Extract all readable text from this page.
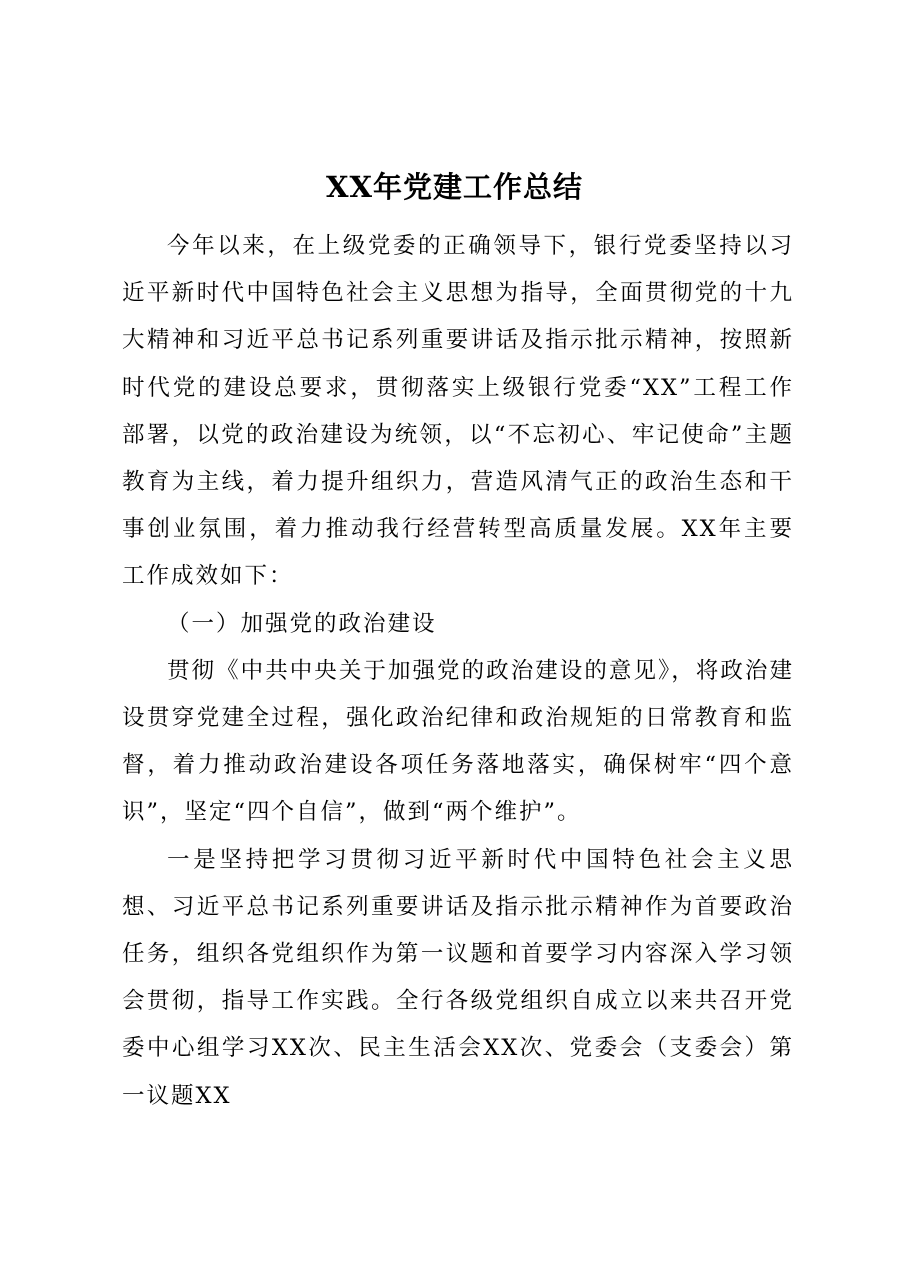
XX年党建工作总结

今年以来，在上级党委的正确领导下，银行党委坚持以习近平新时代中国特色社会主义思想为指导，全面贯彻党的十九大精神和习近平总书记系列重要讲话及指示批示精神，按照新时代党的建设总要求，贯彻落实上级银行党委“XX”工程工作部署，以党的政治建设为统领，以“不忘初心、牢记使命”主题教育为主线，着力提升组织力，营造风清气正的政治生态和干事创业氛围，着力推动我行经营转型高质量发展。XX年主要工作成效如下：

（一）加强党的政治建设

贯彻《中共中央关于加强党的政治建设的意见》，将政治建设贯穿党建全过程，强化政治纪律和政治规矩的日常教育和监督，着力推动政治建设各项任务落地落实，确保树牢“四个意识”，坚定“四个自信”，做到“两个维护”。

一是坚持把学习贯彻习近平新时代中国特色社会主义思想、习近平总书记系列重要讲话及指示批示精神作为首要政治任务，组织各党组织作为第一议题和首要学习内容深入学习领会贯彻，指导工作实践。全行各级党组织自成立以来共召开党委中心组学习XX次、民主生活会XX次、党委会（支委会）第一议题XX
